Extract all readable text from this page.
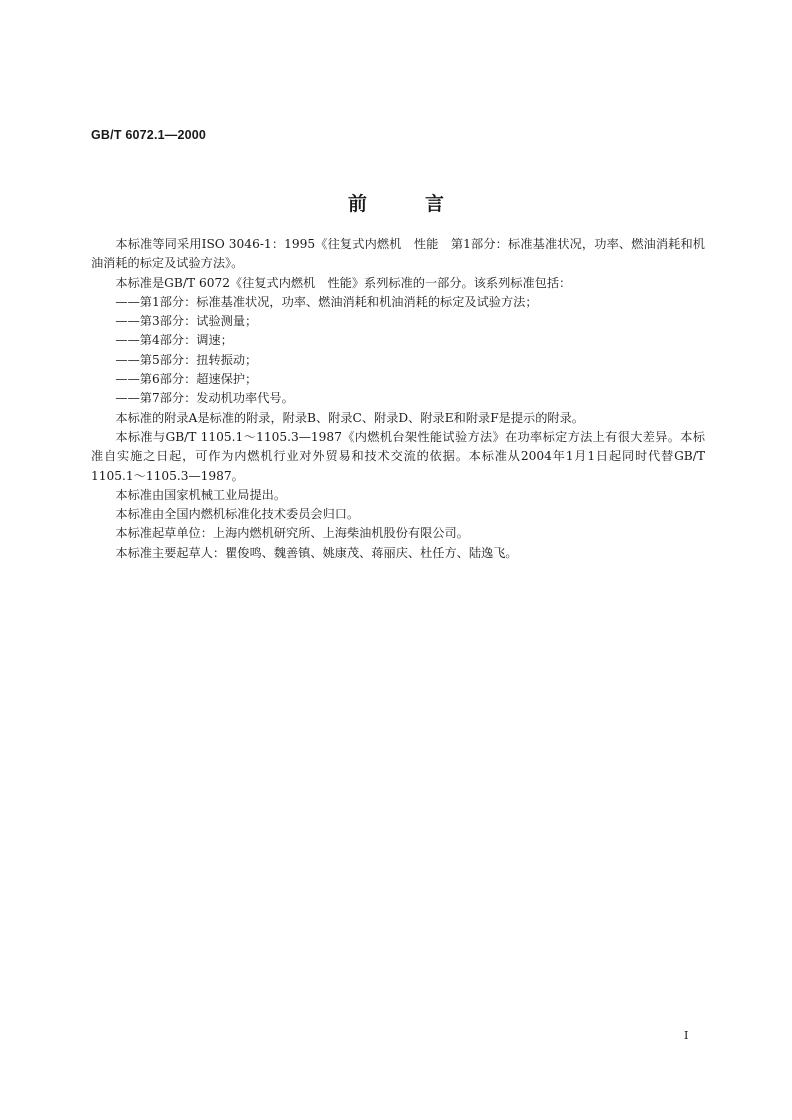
GB/T 6072.1—2000
前言

本标准等同采用ISO 3046-1：1995《往复式内燃机　性能　第1部分：标准基准状况，功率、燃油消耗和机油消耗的标定及试验方法》。

本标准是GB/T 6072《往复式内燃机　性能》系列标准的一部分。该系列标准包括：

——第1部分：标准基准状况，功率、燃油消耗和机油消耗的标定及试验方法；

——第3部分：试验测量；

——第4部分：调速；

——第5部分：扭转振动；

——第6部分：超速保护；

——第7部分：发动机功率代号。

本标准的附录A是标准的附录，附录B、附录C、附录D、附录E和附录F是提示的附录。

本标准与GB/T 1105.1～1105.3—1987《内燃机台架性能试验方法》在功率标定方法上有很大差异。本标准自实施之日起，可作为内燃机行业对外贸易和技术交流的依据。本标准从2004年1月1日起同时代替GB/T 1105.1～1105.3—1987。

本标准由国家机械工业局提出。

本标准由全国内燃机标准化技术委员会归口。

本标准起草单位：上海内燃机研究所、上海柴油机股份有限公司。

本标准主要起草人：瞿俊鸣、魏善镇、姚康茂、蒋丽庆、杜任方、陆逸飞。

I
